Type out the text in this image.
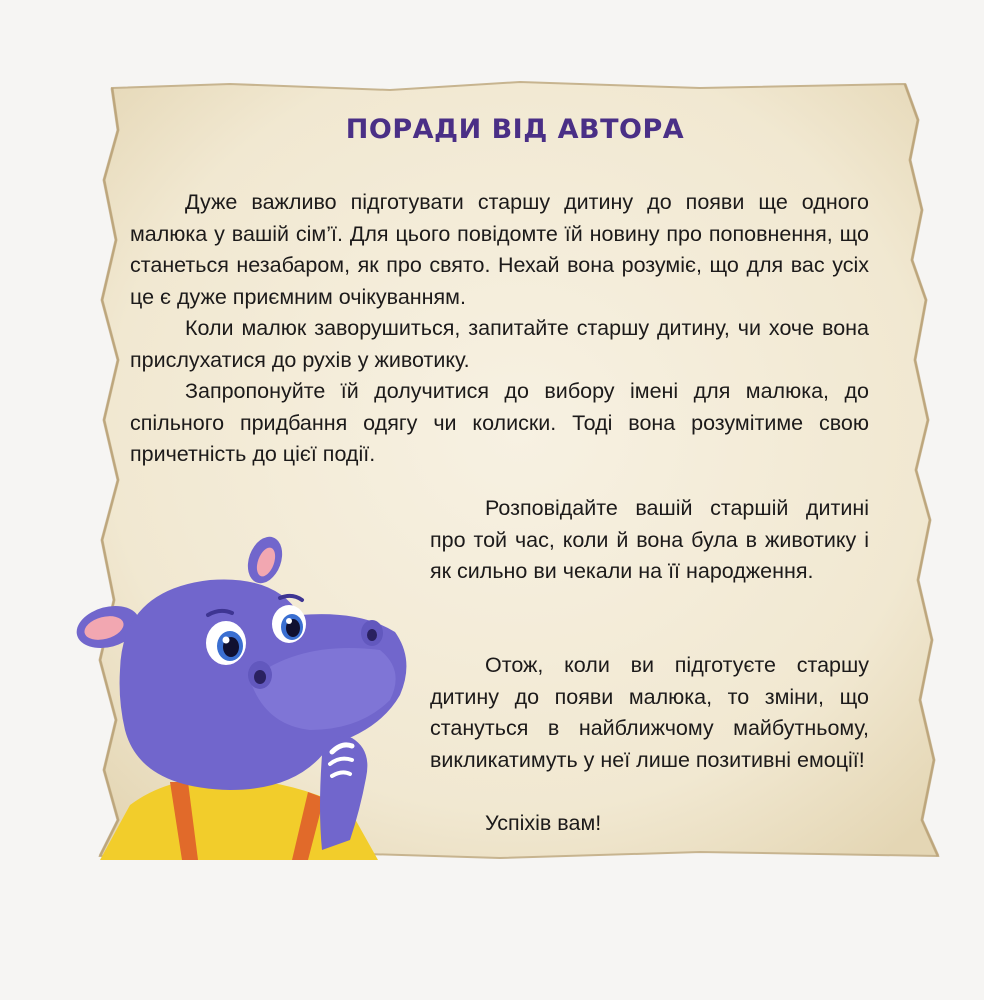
ПОРАДИ ВІД АВТОРА

Дуже важливо підготувати старшу дитину до появи ще одного малюка у вашій сім’ї. Для цього повідомте їй новину про поповнення, що станеться незабаром, як про свято. Нехай вона розуміє, що для вас усіх це є дуже приємним очікуванням.

Коли малюк заворушиться, запитайте старшу дитину, чи хоче вона прислухатися до рухів у животику.

Запропонуйте їй долучитися до вибору імені для малюка, до спільного придбання одягу чи колиски. Тоді вона розумітиме свою причетність до цієї події.

Розповідайте вашій старшій дитині про той час, коли й вона була в животику і як сильно ви чекали на її народження.

Отож, коли ви підготуєте старшу дитину до появи малюка, то зміни, що стануться в найближчому майбутньому, викликатимуть у неї лише позитивні емоції!

Успіхів вам!
